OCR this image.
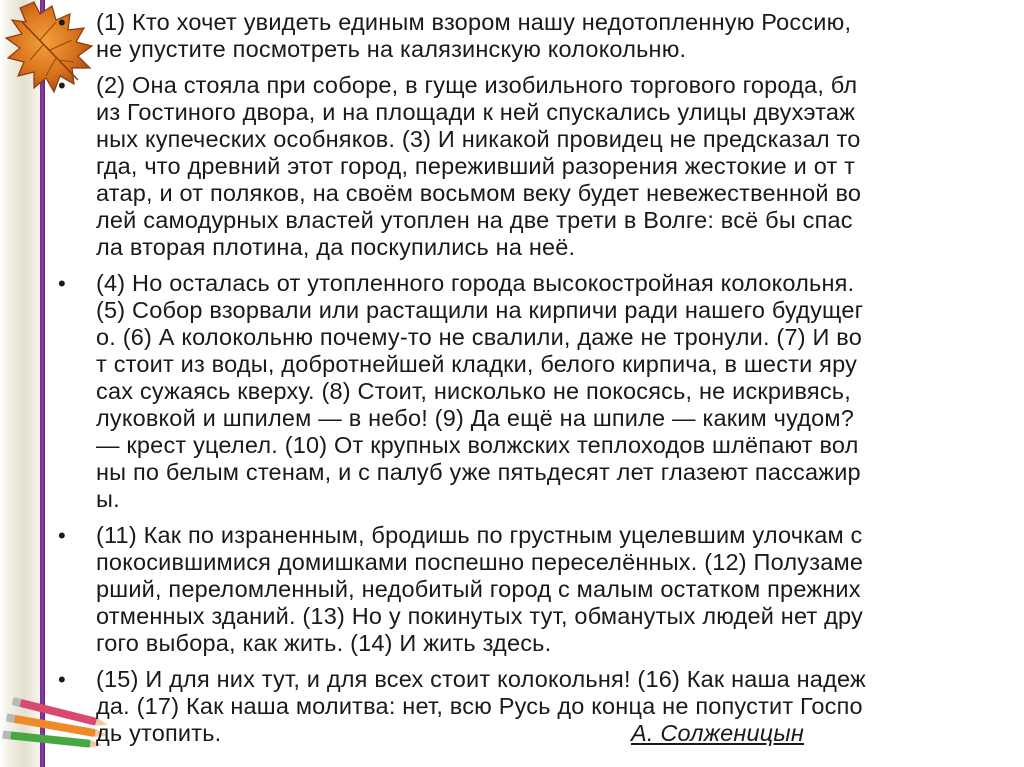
• (1) Кто хочет увидеть единым взором нашу недотопленную Россию,
не упустите посмотреть на калязинскую колокольню.
• (2) Она стояла при соборе, в гуще изобильного торгового города, бл
из Гостиного двора, и на площади к ней спускались улицы двухэтаж
ных купеческих особняков. (3) И никакой провидец не предсказал то
гда, что древний этот город, переживший разорения жестокие и от т
атар, и от поляков, на своём восьмом веку будет невежественной во
лей самодурных властей утоплен на две трети в Волге: всё бы спас
ла вторая плотина, да поскупились на неё.
• (4) Но осталась от утопленного города высокостройная колокольня.
(5) Собор взорвали или растащили на кирпичи ради нашего будущег
о. (6) А колокольню почему-то не свалили, даже не тронули. (7) И во
т стоит из воды, добротнейшей кладки, белого кирпича, в шести яру
сах сужаясь кверху. (8) Стоит, нисколько не покосясь, не искривясь,
луковкой и шпилем — в небо! (9) Да ещё на шпиле — каким чудом?
— крест уцелел. (10) От крупных волжских теплоходов шлёпают вол
ны по белым стенам, и с палуб уже пятьдесят лет глазеют пассажир
ы.
• (11) Как по израненным, бродишь по грустным уцелевшим улочкам с
покосившимися домишками поспешно переселённых. (12) Полузаме
рший, переломленный, недобитый город с малым остатком прежних
отменных зданий. (13) Но у покинутых тут, обманутых людей нет дру
гого выбора, как жить. (14) И жить здесь.
• (15) И для них тут, и для всех стоит колокольня! (16) Как наша надеж
да. (17) Как наша молитва: нет, всю Русь до конца не попустит Госпо
дь утопить.	А. Солженицын
